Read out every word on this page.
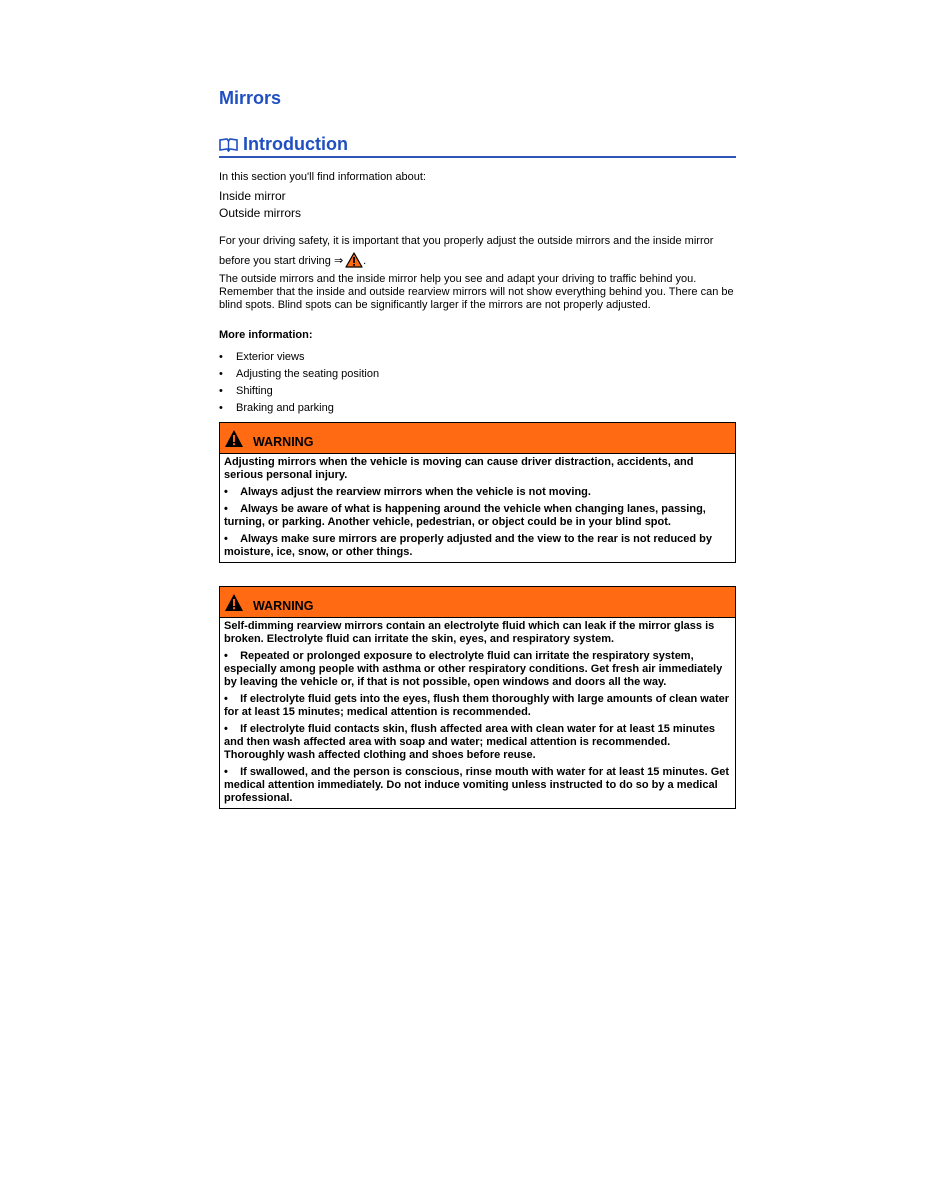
Mirrors
Introduction

In this section you'll find information about:

Inside mirror
Outside mirrors
For your driving safety, it is important that you properly adjust the outside mirrors and the inside mirror
before you start driving ⇒ .

The outside mirrors and the inside mirror help you see and adapt your driving to traffic behind you. Remember that the inside and outside rearview mirrors will not show everything behind you. There can be blind spots. Blind spots can be significantly larger if the mirrors are not properly adjusted.

More information:
•	Exterior views
•	Adjusting the seating position
•	Shifting
•	Braking and parking
WARNING

Adjusting mirrors when the vehicle is moving can cause driver distraction, accidents, and serious personal injury.

•    Always adjust the rearview mirrors when the vehicle is not moving.
•    Always be aware of what is happening around the vehicle when changing lanes, passing, turning, or parking. Another vehicle, pedestrian, or object could be in your blind spot.
•    Always make sure mirrors are properly adjusted and the view to the rear is not reduced by moisture, ice, snow, or other things.
WARNING

Self-dimming rearview mirrors contain an electrolyte fluid which can leak if the mirror glass is broken. Electrolyte fluid can irritate the skin, eyes, and respiratory system.

•    Repeated or prolonged exposure to electrolyte fluid can irritate the respiratory system, especially among people with asthma or other respiratory conditions. Get fresh air immediately by leaving the vehicle or, if that is not possible, open windows and doors all the way.
•    If electrolyte fluid gets into the eyes, flush them thoroughly with large amounts of clean water for at least 15 minutes; medical attention is recommended.
•    If electrolyte fluid contacts skin, flush affected area with clean water for at least 15 minutes and then wash affected area with soap and water; medical attention is recommended. Thoroughly wash affected clothing and shoes before reuse.
•    If swallowed, and the person is conscious, rinse mouth with water for at least 15 minutes. Get medical attention immediately. Do not induce vomiting unless instructed to do so by a medical professional.
